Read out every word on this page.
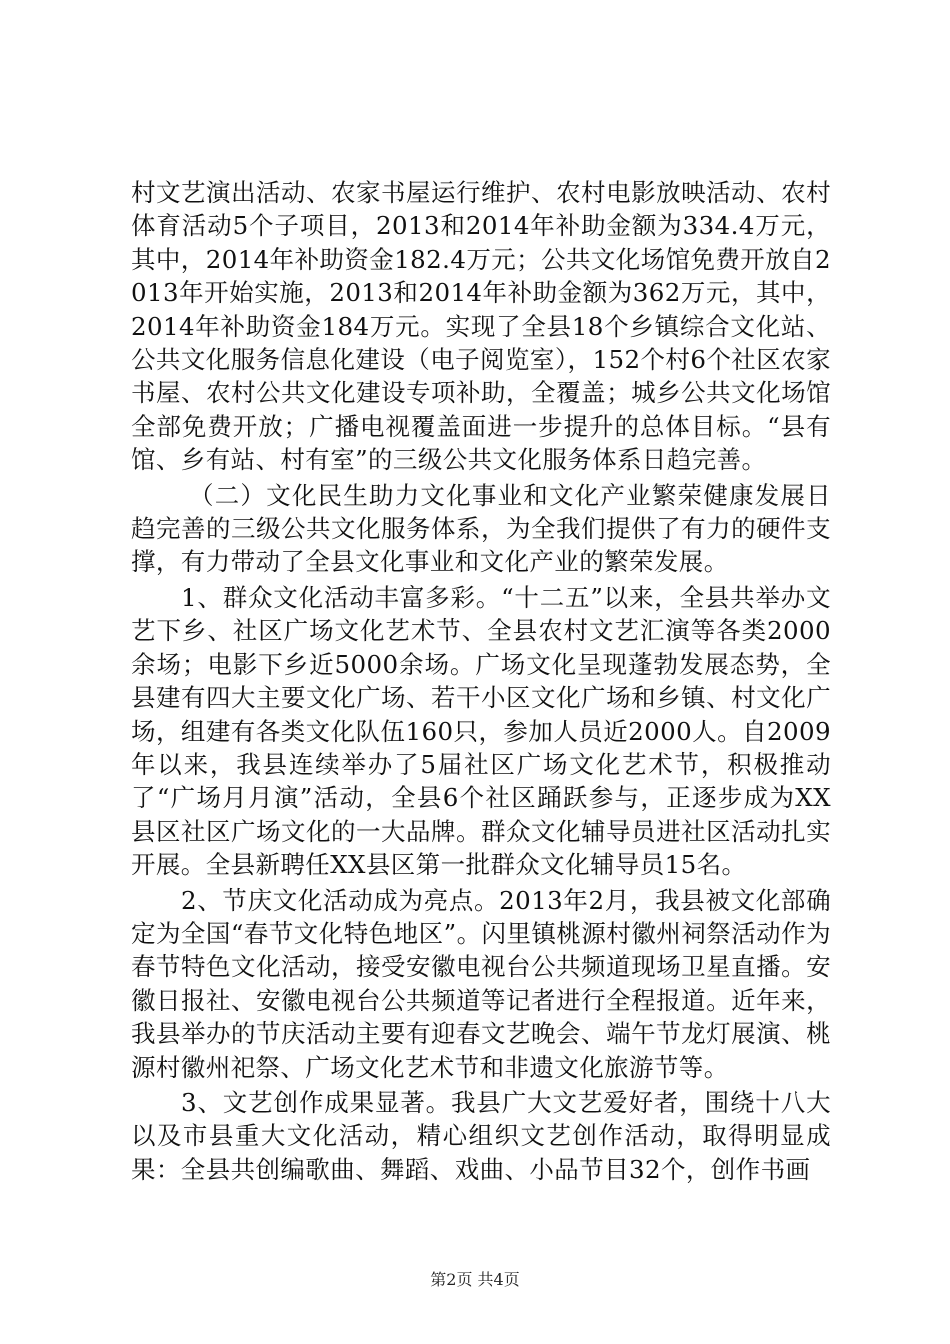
村文艺演出活动、农家书屋运行维护、农村电影放映活动、农村体育活动5个子项目，2013和2014年补助金额为334.4万元，其中，2014年补助资金182.4万元；公共文化场馆免费开放自2013年开始实施，2013和2014年补助金额为362万元，其中，2014年补助资金184万元。实现了全县18个乡镇综合文化站、公共文化服务信息化建设（电子阅览室），152个村6个社区农家书屋、农村公共文化建设专项补助，全覆盖；城乡公共文化场馆全部免费开放；广播电视覆盖面进一步提升的总体目标。“县有馆、乡有站、村有室”的三级公共文化服务体系日趋完善。

（二）文化民生助力文化事业和文化产业繁荣健康发展日趋完善的三级公共文化服务体系，为全我们提供了有力的硬件支撑，有力带动了全县文化事业和文化产业的繁荣发展。

1、群众文化活动丰富多彩。“十二五”以来，全县共举办文艺下乡、社区广场文化艺术节、全县农村文艺汇演等各类2000余场；电影下乡近5000余场。广场文化呈现蓬勃发展态势，全县建有四大主要文化广场、若干小区文化广场和乡镇、村文化广场，组建有各类文化队伍160只，参加人员近2000人。自2009年以来，我县连续举办了5届社区广场文化艺术节，积极推动了“广场月月演”活动，全县6个社区踊跃参与，正逐步成为XX县区社区广场文化的一大品牌。群众文化辅导员进社区活动扎实开展。全县新聘任XX县区第一批群众文化辅导员15名。

2、节庆文化活动成为亮点。2013年2月，我县被文化部确定为全国“春节文化特色地区”。闪里镇桃源村徽州祠祭活动作为春节特色文化活动，接受安徽电视台公共频道现场卫星直播。安徽日报社、安徽电视台公共频道等记者进行全程报道。近年来，我县举办的节庆活动主要有迎春文艺晚会、端午节龙灯展演、桃源村徽州祀祭、广场文化艺术节和非遗文化旅游节等。

3、文艺创作成果显著。我县广大文艺爱好者，围绕十八大以及市县重大文化活动，精心组织文艺创作活动，取得明显成果：全县共创编歌曲、舞蹈、戏曲、小品节目32个，创作书画

第2页 共4页
